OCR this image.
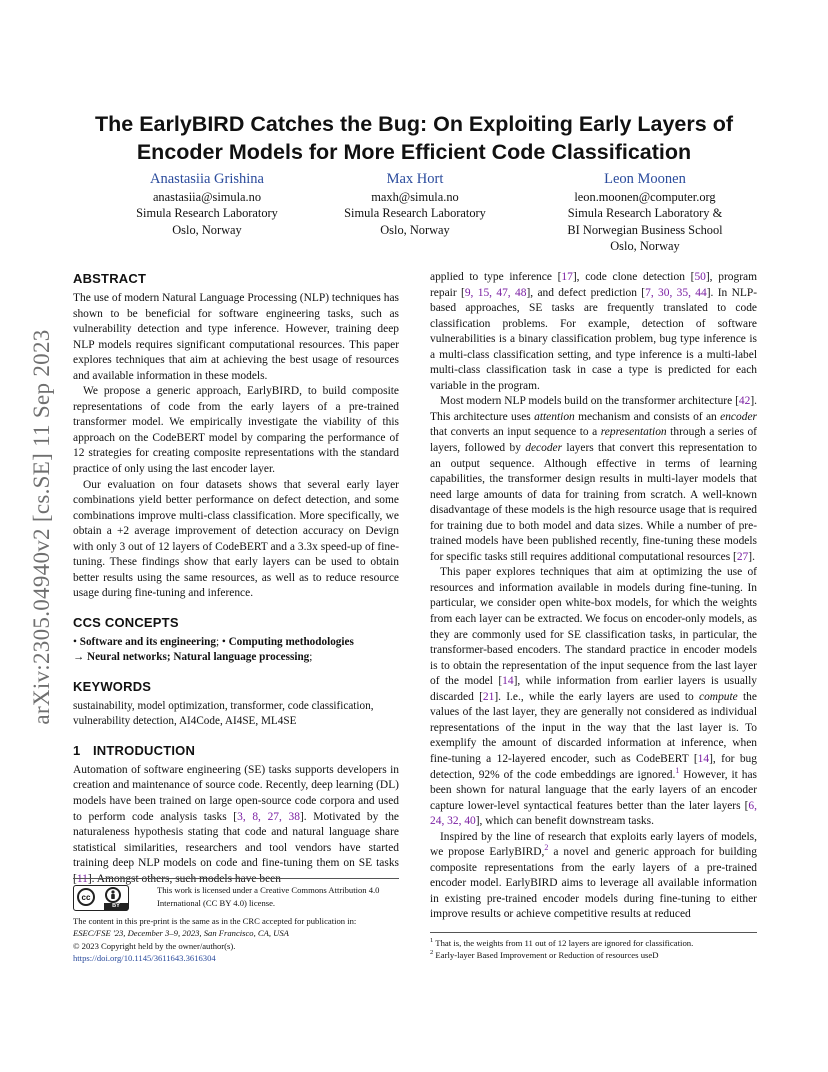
arXiv:2305.04940v2 [cs.SE] 11 Sep 2023
The EarlyBIRD Catches the Bug: On Exploiting Early Layers of Encoder Models for More Efficient Code Classification
Anastasiia Grishina
anastasiia@simula.no
Simula Research Laboratory
Oslo, Norway
Max Hort
maxh@simula.no
Simula Research Laboratory
Oslo, Norway
Leon Moonen
leon.moonen@computer.org
Simula Research Laboratory &
BI Norwegian Business School
Oslo, Norway
ABSTRACT

The use of modern Natural Language Processing (NLP) techniques has shown to be beneficial for software engineering tasks, such as vulnerability detection and type inference. However, training deep NLP models requires significant computational resources. This paper explores techniques that aim at achieving the best usage of resources and available information in these models.

We propose a generic approach, EarlyBIRD, to build composite representations of code from the early layers of a pre-trained transformer model. We empirically investigate the viability of this approach on the CodeBERT model by comparing the performance of 12 strategies for creating composite representations with the standard practice of only using the last encoder layer.

Our evaluation on four datasets shows that several early layer combinations yield better performance on defect detection, and some combinations improve multi-class classification. More specifically, we obtain a +2 average improvement of detection accuracy on Devign with only 3 out of 12 layers of CodeBERT and a 3.3x speed-up of fine-tuning. These findings show that early layers can be used to obtain better results using the same resources, as well as to reduce resource usage during fine-tuning and inference.

CCS CONCEPTS

• Software and its engineering; • Computing methodologies
→ Neural networks; Natural language processing;

KEYWORDS

sustainability, model optimization, transformer, code classification, vulnerability detection, AI4Code, AI4SE, ML4SE

1 INTRODUCTION

Automation of software engineering (SE) tasks supports developers in creation and maintenance of source code. Recently, deep learning (DL) models have been trained on large open-source code corpora and used to perform code analysis tasks [3, 8, 27, 38]. Motivated by the naturaleness hypothesis stating that code and natural language share statistical similarities, researchers and tool vendors have started training deep NLP models on code and fine-tuning them on SE tasks [11]. Amongst others, such models have been

applied to type inference [17], code clone detection [50], program repair [9, 15, 47, 48], and defect prediction [7, 30, 35, 44]. In NLP-based approaches, SE tasks are frequently translated to code classification problems. For example, detection of software vulnerabilities is a binary classification problem, bug type inference is a multi-class classification setting, and type inference is a multi-label multi-class classification task in case a type is predicted for each variable in the program.

Most modern NLP models build on the transformer architecture [42]. This architecture uses attention mechanism and consists of an encoder that converts an input sequence to a representation through a series of layers, followed by decoder layers that convert this representation to an output sequence. Although effective in terms of learning capabilities, the transformer design results in multi-layer models that need large amounts of data for training from scratch. A well-known disadvantage of these models is the high resource usage that is required for training due to both model and data sizes. While a number of pre-trained models have been published recently, fine-tuning these models for specific tasks still requires additional computational resources [27].

This paper explores techniques that aim at optimizing the use of resources and information available in models during fine-tuning. In particular, we consider open white-box models, for which the weights from each layer can be extracted. We focus on encoder-only models, as they are commonly used for SE classification tasks, in particular, the transformer-based encoders. The standard practice in encoder models is to obtain the representation of the input sequence from the last layer of the model [14], while information from earlier layers is usually discarded [21]. I.e., while the early layers are used to compute the values of the last layer, they are generally not considered as individual representations of the input in the way that the last layer is. To exemplify the amount of discarded information at inference, when fine-tuning a 12-layered encoder, such as CodeBERT [14], for bug detection, 92% of the code embeddings are ignored.$^1$ However, it has been shown for natural language that the early layers of an encoder capture lower-level syntactical features better than the later layers [6, 24, 32, 40], which can benefit downstream tasks.

Inspired by the line of research that exploits early layers of models, we propose EarlyBIRD,$^2$ a novel and generic approach for building composite representations from the early layers of a pre-trained encoder model. EarlyBIRD aims to leverage all available information in existing pre-trained encoder models during fine-tuning to either improve results or achieve competitive results at reduced

cc
BY
This work is licensed under a Creative Commons Attribution 4.0 International (CC BY 4.0) license.
The content in this pre-print is the same as in the CRC accepted for publication in:
ESEC/FSE '23, December 3–9, 2023, San Francisco, CA, USA
© 2023 Copyright held by the owner/author(s).
https://doi.org/10.1145/3611643.3616304
$^1$ That is, the weights from 11 out of 12 layers are ignored for classification.
$^2$ Early-layer Based Improvement or Reduction of resources useD
